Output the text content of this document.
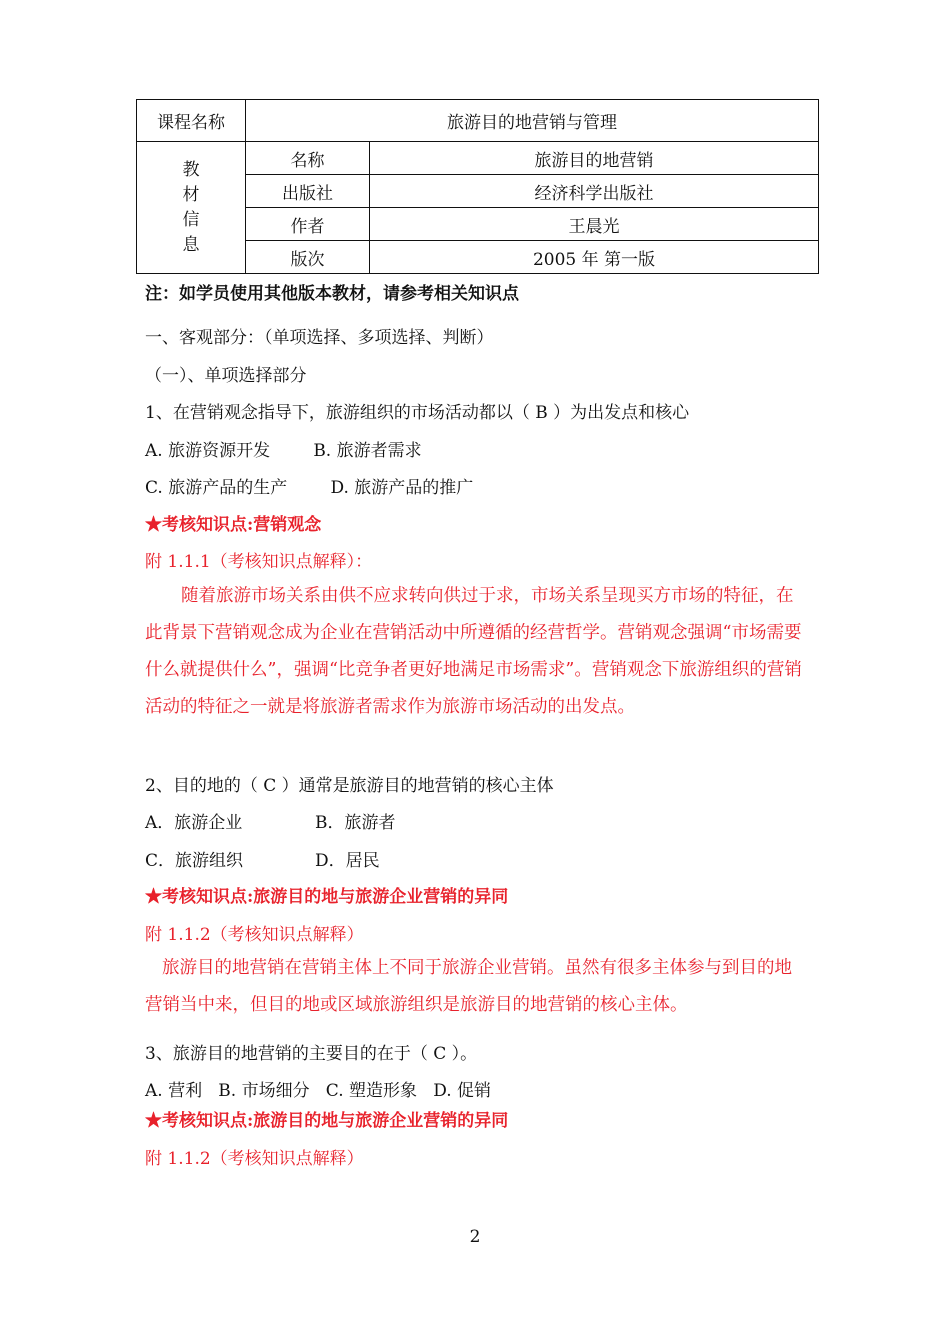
课程名称	旅游目的地营销与管理	

教
材
信
息	名称	旅游目的地营销
	出版社	经济科学出版社
	作者	王晨光
	版次	2005 年 第一版
注：如学员使用其他版本教材，请参考相关知识点
一、客观部分：（单项选择、多项选择、判断）
（一）、单项选择部分
1、在营销观念指导下，旅游组织的市场活动都以（ B ）为出发点和核心
A. 旅游资源开发        B. 旅游者需求
C. 旅游产品的生产        D. 旅游产品的推广
★考核知识点:营销观念
附 1.1.1（考核知识点解释）：
随着旅游市场关系由供不应求转向供过于求，市场关系呈现买方市场的特征，在此背景下营销观念成为企业在营销活动中所遵循的经营哲学。营销观念强调“市场需要什么就提供什么”，强调“比竞争者更好地满足市场需求”。营销观念下旅游组织的营销活动的特征之一就是将旅游者需求作为旅游市场活动的出发点。
2、目的地的（ C ）通常是旅游目的地营销的核心主体
A．旅游企业	B．旅游者
C．旅游组织	D．居民
★考核知识点:旅游目的地与旅游企业营销的异同
附 1.1.2（考核知识点解释）
旅游目的地营销在营销主体上不同于旅游企业营销。虽然有很多主体参与到目的地营销当中来，但目的地或区域旅游组织是旅游目的地营销的核心主体。
3、旅游目的地营销的主要目的在于（ C ）。
A. 营利   B. 市场细分   C. 塑造形象   D. 促销
★考核知识点:旅游目的地与旅游企业营销的异同
附 1.1.2（考核知识点解释）
2
